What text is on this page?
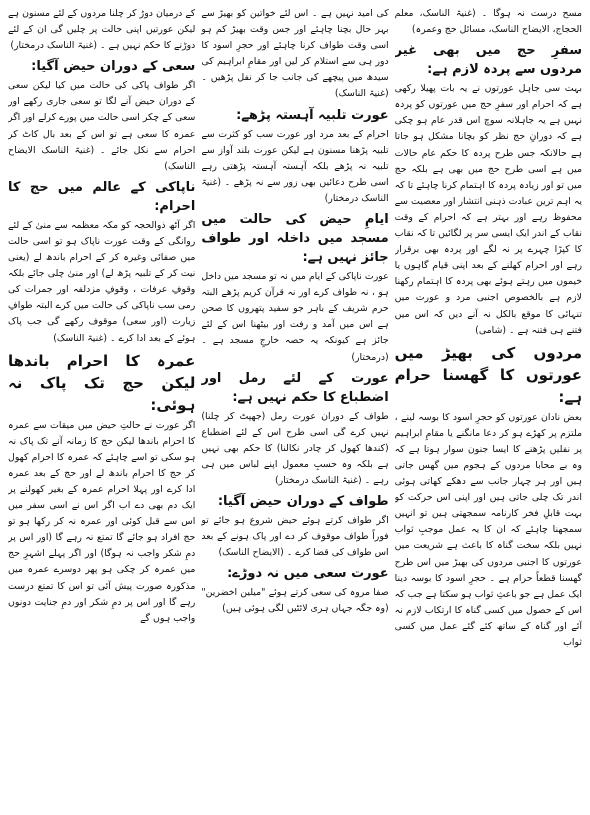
مسح درست نہ ہوگا ۔ (غنیۃ الناسک، معلم الحجاج، الایضاح الناسک، مسائل حج وعمرہ)
سفرِ حج میں بھی غیر مردوں سے پردہ لازم ہے:
بہت سی جاہل عورتوں نے یہ بات پھیلا رکھی ہے کہ احرام اور سفرِ حج میں عورتوں کو پردہ نہیں ہے یہ جاہلانہ سوچ اس قدر عام ہو چکی ہے کہ دورانِ حج نظر کو بچانا مشکل ہو جاتا ہے حالانکہ جس طرح پردہ کا حکم عام حالات میں ہے اسی طرح حج میں بھی ہے بلکہ حج میں تو اور زیادہ پردہ کا اہتمام کرنا چاہئے تا کہ یہ اہم ترین عبادت ذہنی انتشار اور معصیت سے محفوظ رہے اور بہتر ہے کہ احرام کے وقت نقاب کے اندر ایک ایسی سر پر لگائیں تا کہ نقاب کا کپڑا چہرے پر نہ لگے اور پردہ بھی برقرار رہے اور احرام کھلنے کے بعد اپنی قیام گاہوں یا خیموں میں رہتے ہوئے بھی پردہ کا اہتمام رکھنا لازم ہے بالخصوص اجنبی مرد و عورت میں تنہائی کا موقع بالکل نہ آنے دیں کہ اس میں فتنے ہی فتنہ ہے ۔ (شامی)
مردوں کی بھیڑ میں عورتوں کا گھسنا حرام ہے:
بعض نادان عورتوں کو حجرِ اسود کا بوسہ لینے ، ملتزم پر کھڑے ہو کر دعا مانگنے یا مقامِ ابراہیم پر نفلیں پڑھنے کا ایسا جنون سوار ہوتا ہے کہ وہ بے محابا مردوں کے ہجوم میں گھس جاتی ہیں اور ہر چہار جانب سے دھکے کھاتی ہوئی اندر تک چلی جاتی ہیں اور اپنی اس حرکت کو بہت قابلِ فخر کارنامہ سمجھتی ہیں تو انہیں سمجھنا چاہئے کہ ان کا یہ عمل موجبِ ثواب نہیں بلکہ سخت گناہ کا باعث ہے شریعت میں عورتوں کا اجنبی مردوں کی بھیڑ میں اس طرح گھسنا قطعاً حرام ہے ۔ حجرِ اسود کا بوسہ دینا ایک عمل ہے جو باعثِ ثواب ہو سکتا ہے جب کہ اس کے حصول میں کسی گناہ کا ارتکاب لازم نہ آئے اور گناہ کے ساتھ کئے گئے عمل میں کسی ثواب
کی امید نہیں ہے ۔ اس لئے خواتین کو بھیڑ سے بہر حال بچنا چاہئے اور جس وقت بھیڑ کم ہو اسی وقت طواف کرنا چاہئے اور حجرِ اسود کا دور ہی سے استلام کر لیں اور مقامِ ابراہیم کی سیدھ میں پیچھے کی جانب جا کر نفل پڑھیں ۔ (غنیۃ الناسک)
عورت تلبیہ آہستہ پڑھے:
احرام کے بعد مرد اور عورت سب کو کثرت سے تلبیہ پڑھنا مسنون ہے لیکن عورت بلند آواز سے تلبیہ نہ پڑھے بلکہ آہستہ آہستہ پڑھتی رہے اسی طرح دعائیں بھی زور سے نہ پڑھے ۔ (غنیۃ الناسک درمختار)
ایامِ حیض کی حالت میں مسجد میں داخلہ اور طواف جائز نہیں ہے:
عورت ناپاکی کے ایام میں نہ تو مسجد میں داخل ہو ، نہ طواف کرے اور نہ قرآن کریم پڑھے البتہ حرم شریف کے باہر جو سفید پتھروں کا صحن ہے اس میں آمد و رفت اور بیٹھنا اس کے لئے جائز ہے کیونکہ یہ حصہ خارجِ مسجد ہے ۔ (درمختار)
عورت کے لئے رمل اور اضطباع کا حکم نہیں ہے:
طواف کے دوران عورت رمل (جھپٹ کر چلنا) نہیں کرے گی اسی طرح اس کے لئے اضطباع (کندھا کھول کر چادر نکالنا) کا حکم بھی نہیں ہے بلکہ وہ حسبِ معمول اپنے لباس میں ہی رہے ۔ (غنیۃ الناسک درمختار)
طواف کے دوران حیض آگیا:
اگر طواف کرتے ہوئے حیض شروع ہو جائے تو فوراً طواف موقوف کر دے اور پاک ہونے کے بعد اس طواف کی قضا کرے ۔ (الایضاح الناسک)
عورت سعی میں نہ دوڑے:
صفا مروہ کی سعی کرتے ہوئے "میلین اخضرین" (وہ جگہ جہاں ہری لائٹیں لگی ہوئی ہیں)
کے درمیان دوڑ کر چلنا مردوں کے لئے مسنون ہے لیکن عورتیں اپنی حالت پر چلیں گی ان کے لئے دوڑنے کا حکم نہیں ہے ۔ (غنیۃ الناسک درمختار)
سعی کے دوران حیض آگیا:
اگر طواف پاکی کی حالت میں کیا لیکن سعی کے دوران حیض آنے لگا تو سعی جاری رکھے اور سعی کے چکر اسی حالت میں پورے کرلے اور اگر عمرہ کا سعی ہے تو اس کے بعد بال کاٹ کر احرام سے نکل جائے ۔ (غنیۃ الناسک الایضاح الناسک)
ناپاکی کے عالم میں حج کا احرام:
اگر آٹھ ذوالحجہ کو مکہ معظمہ سے منیٰ کے لئے روانگی کے وقت عورت ناپاک ہو تو اسی حالت میں صفائی وغیرہ کر کے احرام باندھ لے (یعنی نیت کر کے تلبیہ پڑھ لے) اور منیٰ چلی جائے بلکہ وقوفِ عرفات ، وقوفِ مزدلفہ اور جمرات کی رمی سب ناپاکی کی حالت میں کرے البتہ طوافِ زیارت (اور سعی) موقوف رکھے گی جب پاک ہوئے کے بعد ادا کرے ۔ (غنیۃ الناسک)
عمرہ کا احرام باندھا لیکن حج تک پاک نہ ہوئی:
اگر عورت نے حالتِ حیض میں میقات سے عمرہ کا احرام باندھا لیکن حج کا زمانہ آنے تک پاک نہ ہو سکی تو اسے چاہئے کہ عمرہ کا احرام کھول کر حج کا احرام باندھ لے اور حج کے بعد عمرہ ادا کرے اور پہلا احرام عمرہ کے بغیر کھولنے پر ایک دم بھی دے اب اگر اس نے اسی سفر میں اس سے قبل کوئی اور عمرہ نہ کر رکھا ہو تو حج افراد ہو جائے گا تمتع نہ رہے گا (اور اس پر دمِ شکر واجب نہ ہوگا) اور اگر پہلے اشہرِ حج میں عمرہ کر چکی ہو پھر دوسرے عمرہ میں مذکورہ صورت پیش آئی تو اس کا تمتع درست رہے گا اور اس پر دمِ شکر اور دمِ جنایت دونوں واجب ہوں گے
